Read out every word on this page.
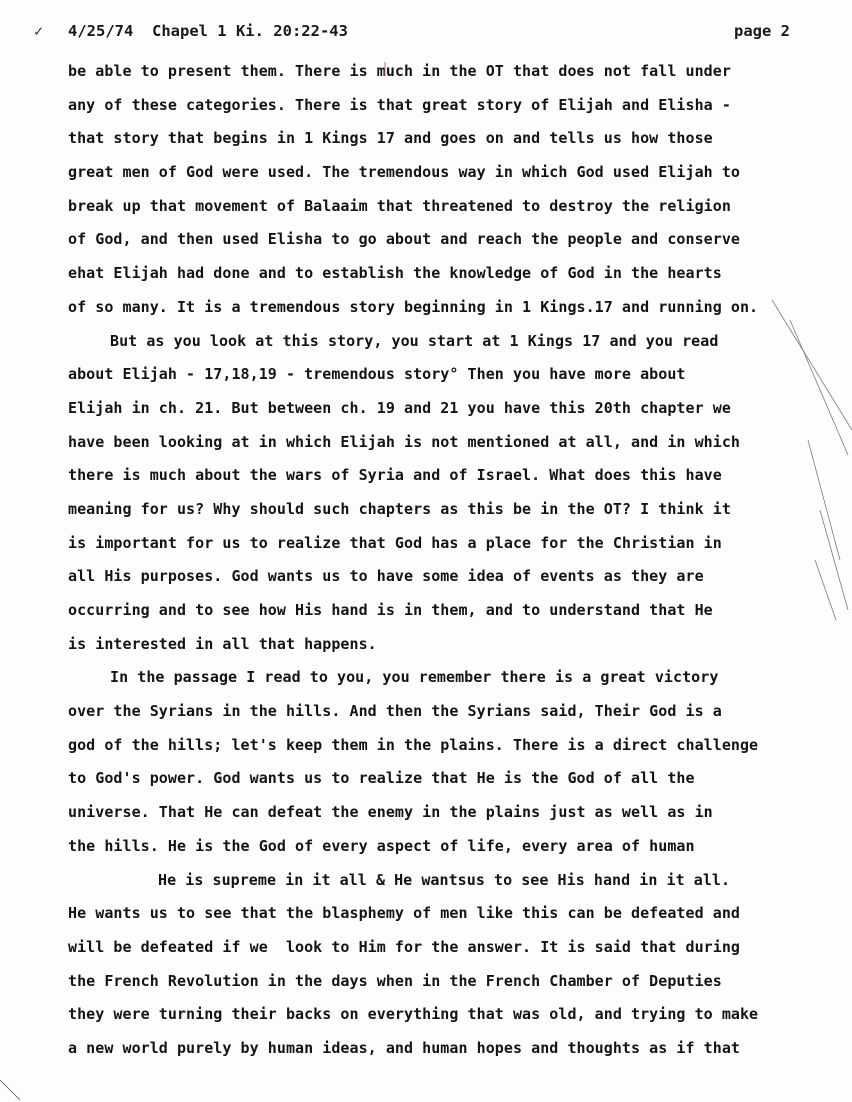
✓ 4/25/74  Chapel 1 Ki. 20:22-43	page 2
be able to present them. There is much in the OT that does not fall under
any of these categories. There is that great story of Elijah and Elisha -
that story that begins in 1 Kings 17 and goes on and tells us how those
great men of God were used. The tremendous way in which God used Elijah to
break up that movement of Balaaim that threatened to destroy the religion
of God, and then used Elisha to go about and reach the people and conserve
ehat Elijah had done and to establish the knowledge of God in the hearts
of so many. It is a tremendous story beginning in 1 Kings.17 and running on.
But as you look at this story, you start at 1 Kings 17 and you read
about Elijah - 17,18,19 - tremendous story° Then you have more about
Elijah in ch. 21. But between ch. 19 and 21 you have this 20th chapter we
have been looking at in which Elijah is not mentioned at all, and in which
there is much about the wars of Syria and of Israel. What does this have
meaning for us? Why should such chapters as this be in the OT? I think it
is important for us to realize that God has a place for the Christian in
all His purposes. God wants us to have some idea of events as they are
occurring and to see how His hand is in them, and to understand that He
is interested in all that happens.
In the passage I read to you, you remember there is a great victory
over the Syrians in the hills. And then the Syrians said, Their God is a
god of the hills; let's keep them in the plains. There is a direct challenge
to God's power. God wants us to realize that He is the God of all the
universe. That He can defeat the enemy in the plains just as well as in
the hills. He is the God of every aspect of life, every area of human
He is supreme in it all & He wantsus to see His hand in it all.
He wants us to see that the blasphemy of men like this can be defeated and
will be defeated if we  look to Him for the answer. It is said that during
the French Revolution in the days when in the French Chamber of Deputies
they were turning their backs on everything that was old, and trying to make
a new world purely by human ideas, and human hopes and thoughts as if that
